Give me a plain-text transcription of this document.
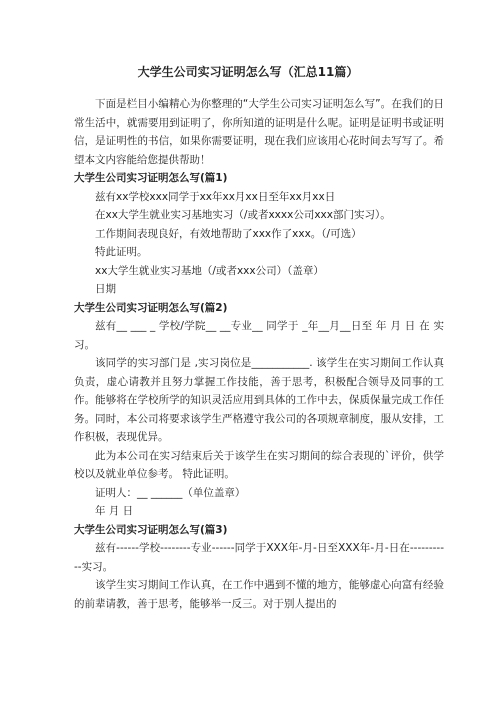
大学生公司实习证明怎么写（汇总11篇）

下面是栏目小编精心为你整理的“大学生公司实习证明怎么写”。在我们的日常生活中，就需要用到证明了，你所知道的证明是什么呢。证明是证明书或证明信，是证明性的书信，如果你需要证明，现在我们应该用心花时间去写写了。希望本文内容能给您提供帮助！

大学生公司实习证明怎么写(篇1)

兹有xx学校xxx同学于xx年xx月xx日至年xx月xx日

在xx大学生就业实习基地实习（/或者xxxx公司xxx部门实习）。

工作期间表现良好，有效地帮助了xxx作了xxx。（/可选）

特此证明。

xx大学生就业实习基地（/或者xxx公司）（盖章）

日期

大学生公司实习证明怎么写(篇2)

兹有__ ___ _ 学校/学院__ __专业__ 同学于 _年__月__日至 年 月 日 在 实习。

该同学的实习部门是 ,实习岗位是___________. 该学生在实习期间工作认真负责，虚心请教并且努力掌握工作技能，善于思考，积极配合领导及同事的工作。能够将在学校所学的知识灵活应用到具体的工作中去，保质保量完成工作任务。同时，本公司将要求该学生严格遵守我公司的各项规章制度，服从安排，工作积极，表现优异。

此为本公司在实习结束后关于该学生在实习期间的综合表现的`评价，供学校以及就业单位参考。 特此证明。

证明人：__ ______（单位盖章）

年 月 日

大学生公司实习证明怎么写(篇3)

兹有------学校--------专业------同学于XXX年-月-日至XXX年-月-日在-----------实习。

该学生实习期间工作认真，在工作中遇到不懂的地方，能够虚心向富有经验的前辈请教，善于思考，能够举一反三。对于别人提出的
